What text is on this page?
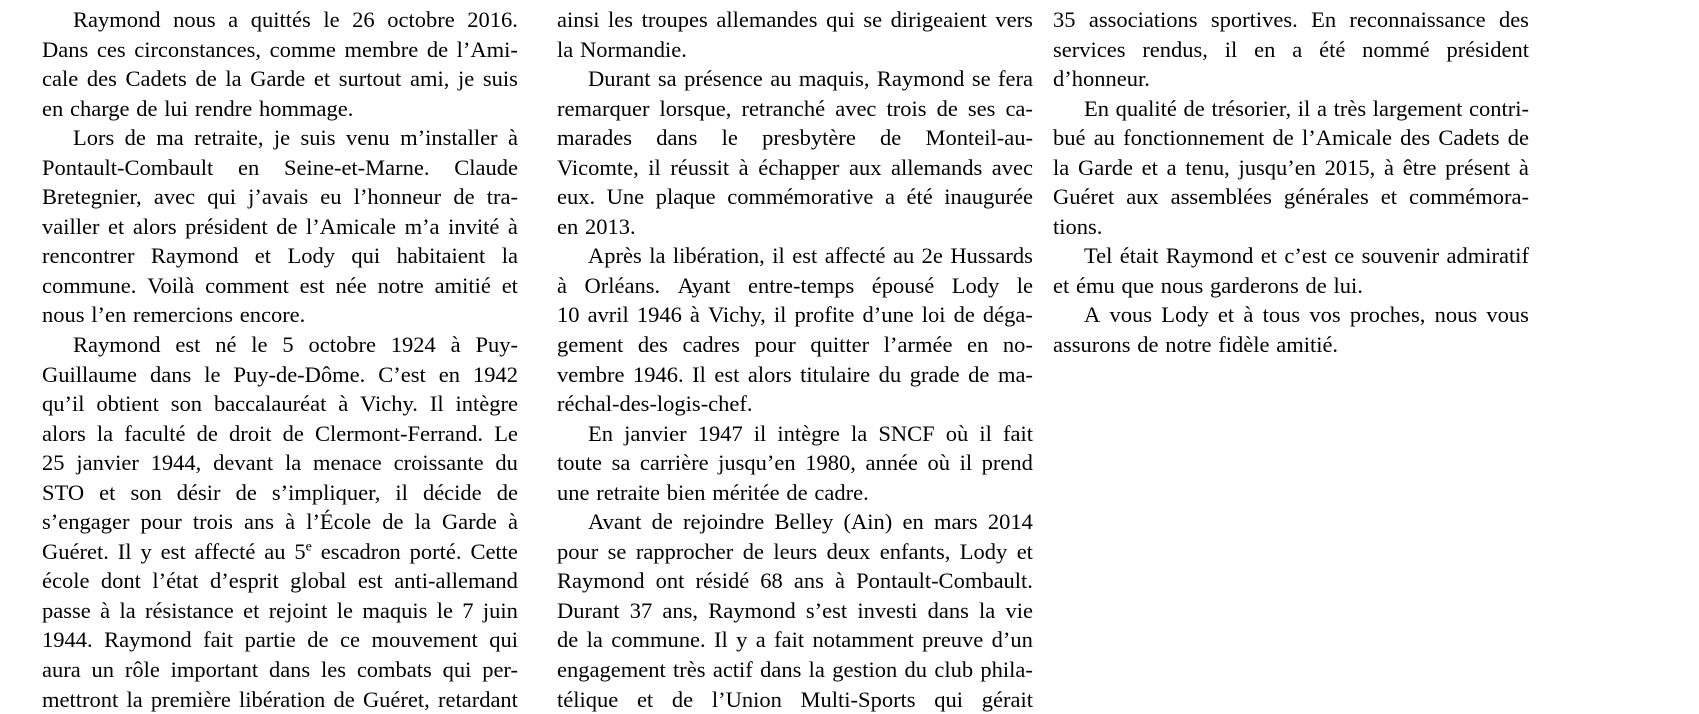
Raymond nous a quittés le 26 octobre 2016.
Dans ces circonstances, comme membre de l’Ami-
cale des Cadets de la Garde et surtout ami, je suis
en charge de lui rendre hommage.
Lors de ma retraite, je suis venu m’installer à
Pontault-Combault en Seine-et-Marne. Claude
Bretegnier, avec qui j’avais eu l’honneur de tra-
vailler et alors président de l’Amicale m’a invité à
rencontrer Raymond et Lody qui habitaient la
commune. Voilà comment est née notre amitié et
nous l’en remercions encore.
Raymond est né le 5 octobre 1924 à Puy-
Guillaume dans le Puy-de-Dôme. C’est en 1942
qu’il obtient son baccalauréat à Vichy. Il intègre
alors la faculté de droit de Clermont-Ferrand. Le
25 janvier 1944, devant la menace croissante du
STO et son désir de s’impliquer, il décide de
s’engager pour trois ans à l’École de la Garde à
Guéret. Il y est affecté au 5e escadron porté. Cette
école dont l’état d’esprit global est anti-allemand
passe à la résistance et rejoint le maquis le 7 juin
1944. Raymond fait partie de ce mouvement qui
aura un rôle important dans les combats qui per-
mettront la première libération de Guéret, retardant
ainsi les troupes allemandes qui se dirigeaient vers
la Normandie.
Durant sa présence au maquis, Raymond se fera
remarquer lorsque, retranché avec trois de ses ca-
marades dans le presbytère de Monteil-au-
Vicomte, il réussit à échapper aux allemands avec
eux. Une plaque commémorative a été inaugurée
en 2013.
Après la libération, il est affecté au 2e Hussards
à Orléans. Ayant entre-temps épousé Lody le
10 avril 1946 à Vichy, il profite d’une loi de déga-
gement des cadres pour quitter l’armée en no-
vembre 1946. Il est alors titulaire du grade de ma-
réchal-des-logis-chef.
En janvier 1947 il intègre la SNCF où il fait
toute sa carrière jusqu’en 1980, année où il prend
une retraite bien méritée de cadre.
Avant de rejoindre Belley (Ain) en mars 2014
pour se rapprocher de leurs deux enfants, Lody et
Raymond ont résidé 68 ans à Pontault-Combault.
Durant 37 ans, Raymond s’est investi dans la vie
de la commune. Il y a fait notamment preuve d’un
engagement très actif dans la gestion du club phila-
télique et de l’Union Multi-Sports qui gérait
35 associations sportives. En reconnaissance des
services rendus, il en a été nommé président
d’honneur.
En qualité de trésorier, il a très largement contri-
bué au fonctionnement de l’Amicale des Cadets de
la Garde et a tenu, jusqu’en 2015, à être présent à
Guéret aux assemblées générales et commémora-
tions.
Tel était Raymond et c’est ce souvenir admiratif
et ému que nous garderons de lui.
A vous Lody et à tous vos proches, nous vous
assurons de notre fidèle amitié.
